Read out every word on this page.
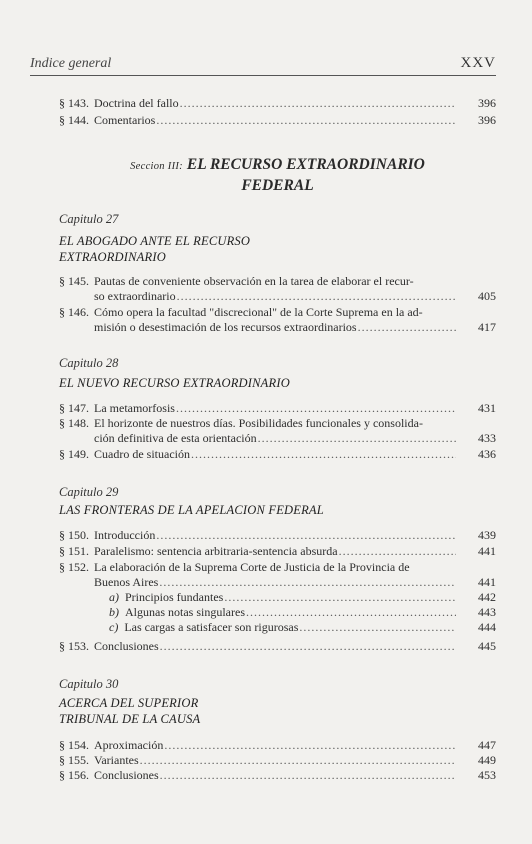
Indice general	XXV
§ 143. Doctrina del fallo .....	396
§ 144. Comentarios .....	396
Seccion III: EL RECURSO EXTRAORDINARIO
FEDERAL
Capitulo 27
EL ABOGADO ANTE EL RECURSO
EXTRAORDINARIO
§ 145. Pautas de conveniente observación en la tarea de elaborar el recur-
so extraordinario .....	405
§ 146. Cómo opera la facultad "discrecional" de la Corte Suprema en la ad-
misión o desestimación de los recursos extraordinarios .....	417
Capitulo 28
EL NUEVO RECURSO EXTRAORDINARIO
§ 147. La metamorfosis .....	431
§ 148. El horizonte de nuestros días. Posibilidades funcionales y consolida-
ción definitiva de esta orientación .....	433
§ 149. Cuadro de situación .....	436
Capitulo 29
LAS FRONTERAS DE LA APELACION FEDERAL
§ 150. Introducción .....	439
§ 151. Paralelismo: sentencia arbitraria-sentencia absurda .....	441
§ 152. La elaboración de la Suprema Corte de Justicia de la Provincia de
Buenos Aires .....	441
a) Principios fundantes .....	442
b) Algunas notas singulares .....	443
c) Las cargas a satisfacer son rigurosas .....	444
§ 153. Conclusiones .....	445
Capitulo 30
ACERCA DEL SUPERIOR
TRIBUNAL DE LA CAUSA
§ 154. Aproximación .....	447
§ 155. Variantes .....	449
§ 156. Conclusiones .....	453
